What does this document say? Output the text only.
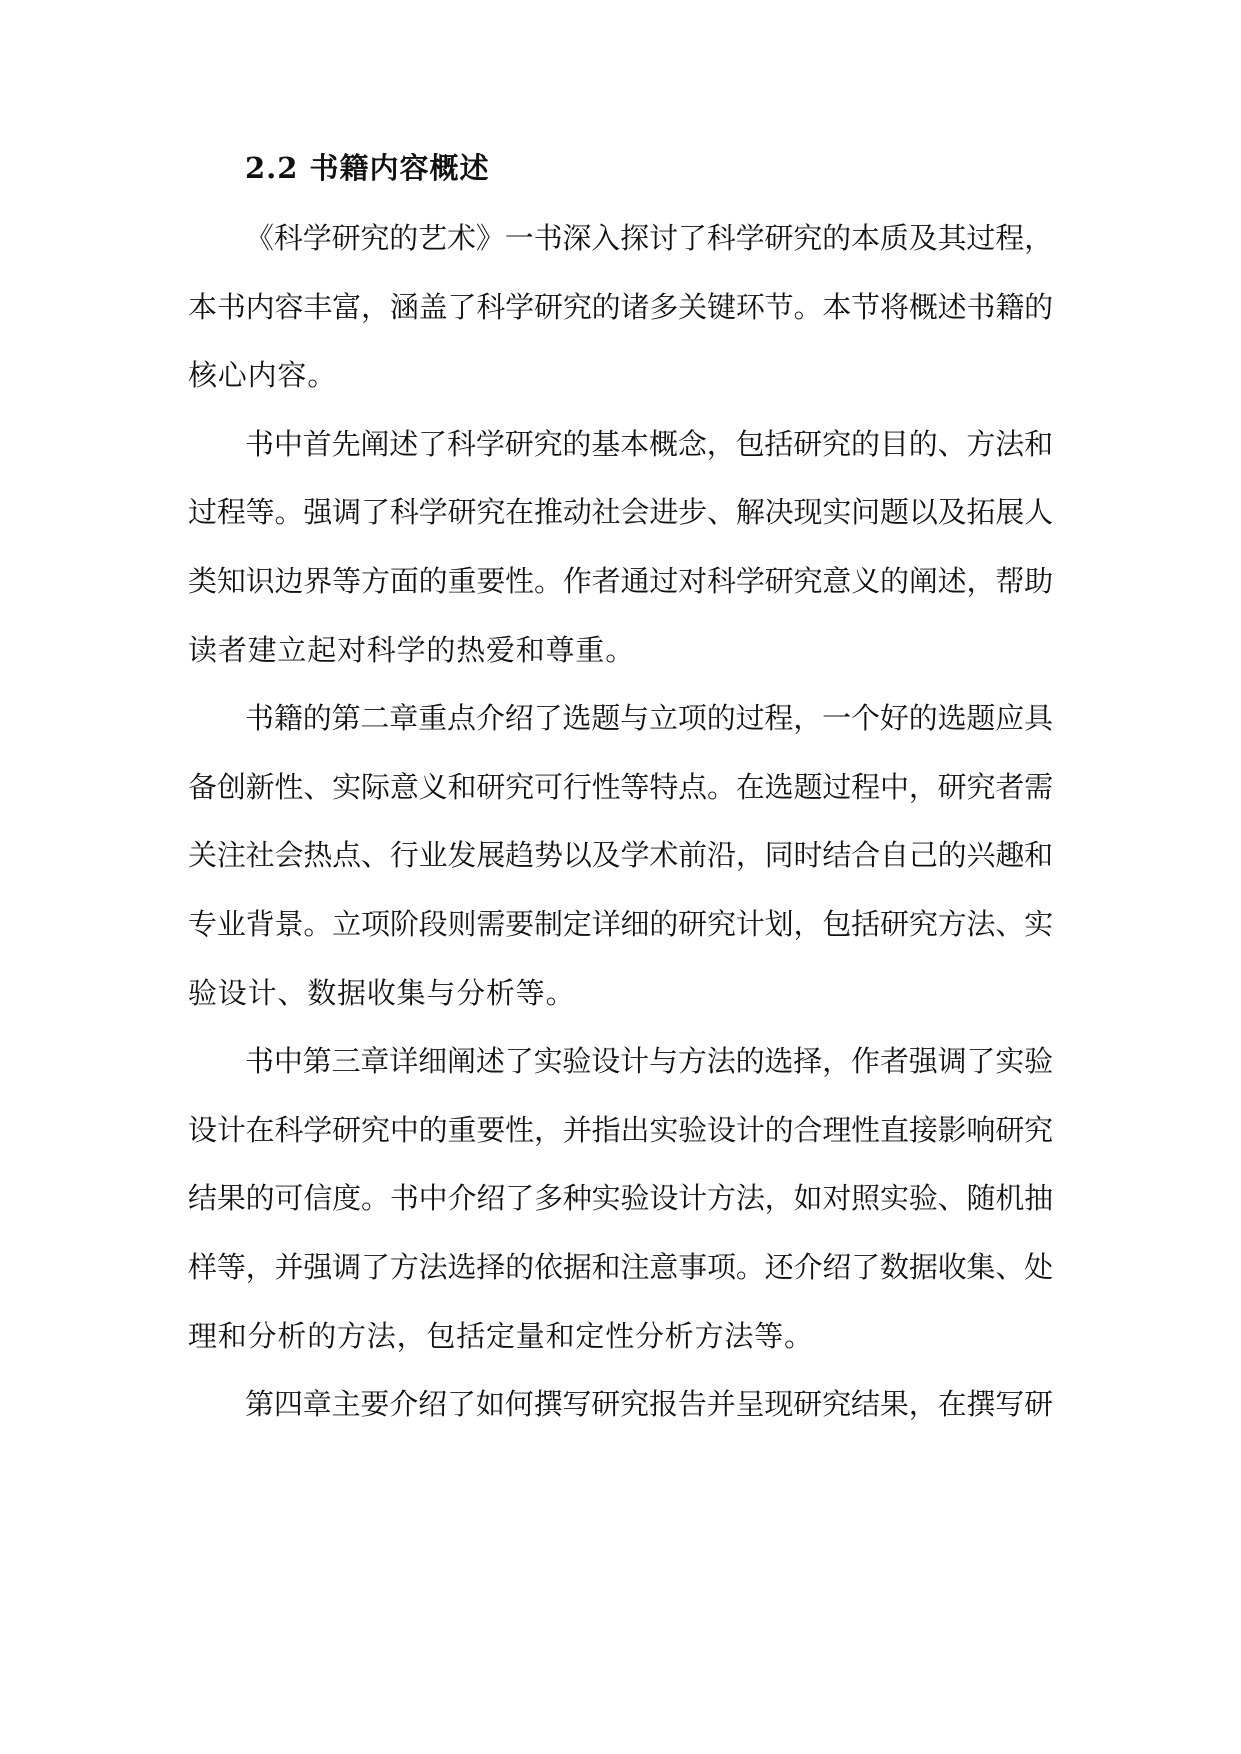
2.2 书籍内容概述
《科学研究的艺术》一书深入探讨了科学研究的本质及其过程，
本书内容丰富，涵盖了科学研究的诸多关键环节。本节将概述书籍的
核心内容。
书中首先阐述了科学研究的基本概念，包括研究的目的、方法和
过程等。强调了科学研究在推动社会进步、解决现实问题以及拓展人
类知识边界等方面的重要性。作者通过对科学研究意义的阐述，帮助
读者建立起对科学的热爱和尊重。
书籍的第二章重点介绍了选题与立项的过程，一个好的选题应具
备创新性、实际意义和研究可行性等特点。在选题过程中，研究者需
关注社会热点、行业发展趋势以及学术前沿，同时结合自己的兴趣和
专业背景。立项阶段则需要制定详细的研究计划，包括研究方法、实
验设计、数据收集与分析等。
书中第三章详细阐述了实验设计与方法的选择，作者强调了实验
设计在科学研究中的重要性，并指出实验设计的合理性直接影响研究
结果的可信度。书中介绍了多种实验设计方法，如对照实验、随机抽
样等，并强调了方法选择的依据和注意事项。还介绍了数据收集、处
理和分析的方法，包括定量和定性分析方法等。
第四章主要介绍了如何撰写研究报告并呈现研究结果，在撰写研
